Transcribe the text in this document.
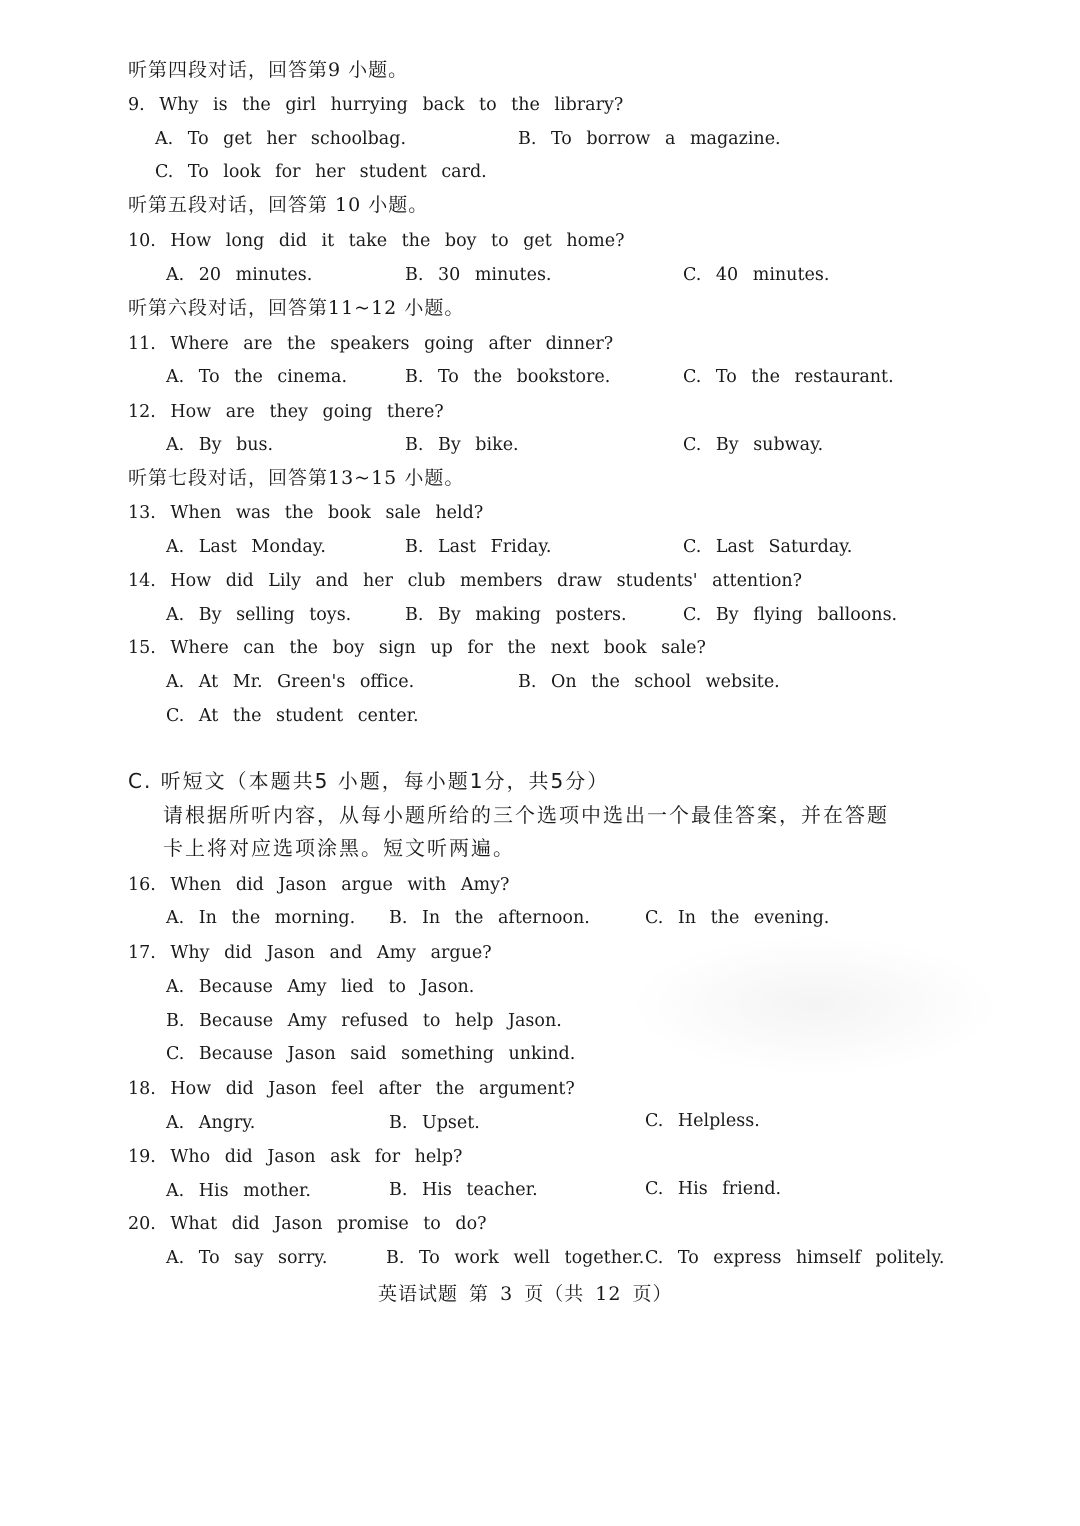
听第四段对话，回答第9 小题。
9. Why is the girl hurrying back to the library?
A. To get her schoolbag.	B. To borrow a magazine.
C. To look for her student card.
听第五段对话，回答第 10 小题。
10. How long did it take the boy to get home?
A. 20 minutes.	B. 30 minutes.	C. 40 minutes.
听第六段对话，回答第11~12 小题。
11. Where are the speakers going after dinner?
A. To the cinema.	B. To the bookstore.	C. To the restaurant.
12. How are they going there?
A. By bus.	B. By bike.	C. By subway.
听第七段对话，回答第13~15 小题。
13. When was the book sale held?
A. Last Monday.	B. Last Friday.	C. Last Saturday.
14. How did Lily and her club members draw students' attention?
A. By selling toys.	B. By making posters.	C. By flying balloons.
15. Where can the boy sign up for the next book sale?
A. At Mr. Green's office.	B. On the school website.
C. At the student center.
C. 听短文（本题共5 小题，每小题1分，共5分）
请根据所听内容，从每小题所给的三个选项中选出一个最佳答案，并在答题
卡上将对应选项涂黑。短文听两遍。
16. When did Jason argue with Amy?
A. In the morning. B. In the afternoon.	C. In the evening.
17. Why did Jason and Amy argue?
A. Because Amy lied to Jason.
B. Because Amy refused to help Jason.
C. Because Jason said something unkind.
18. How did Jason feel after the argument?
A. Angry.	B. Upset.	C. Helpless.
19. Who did Jason ask for help?
A. His mother.	B. His teacher.	C. His friend.
20. What did Jason promise to do?
A. To say sorry.	B. To work well together. C. To express himself politely.
英语试题 第 3 页（共 12 页）
